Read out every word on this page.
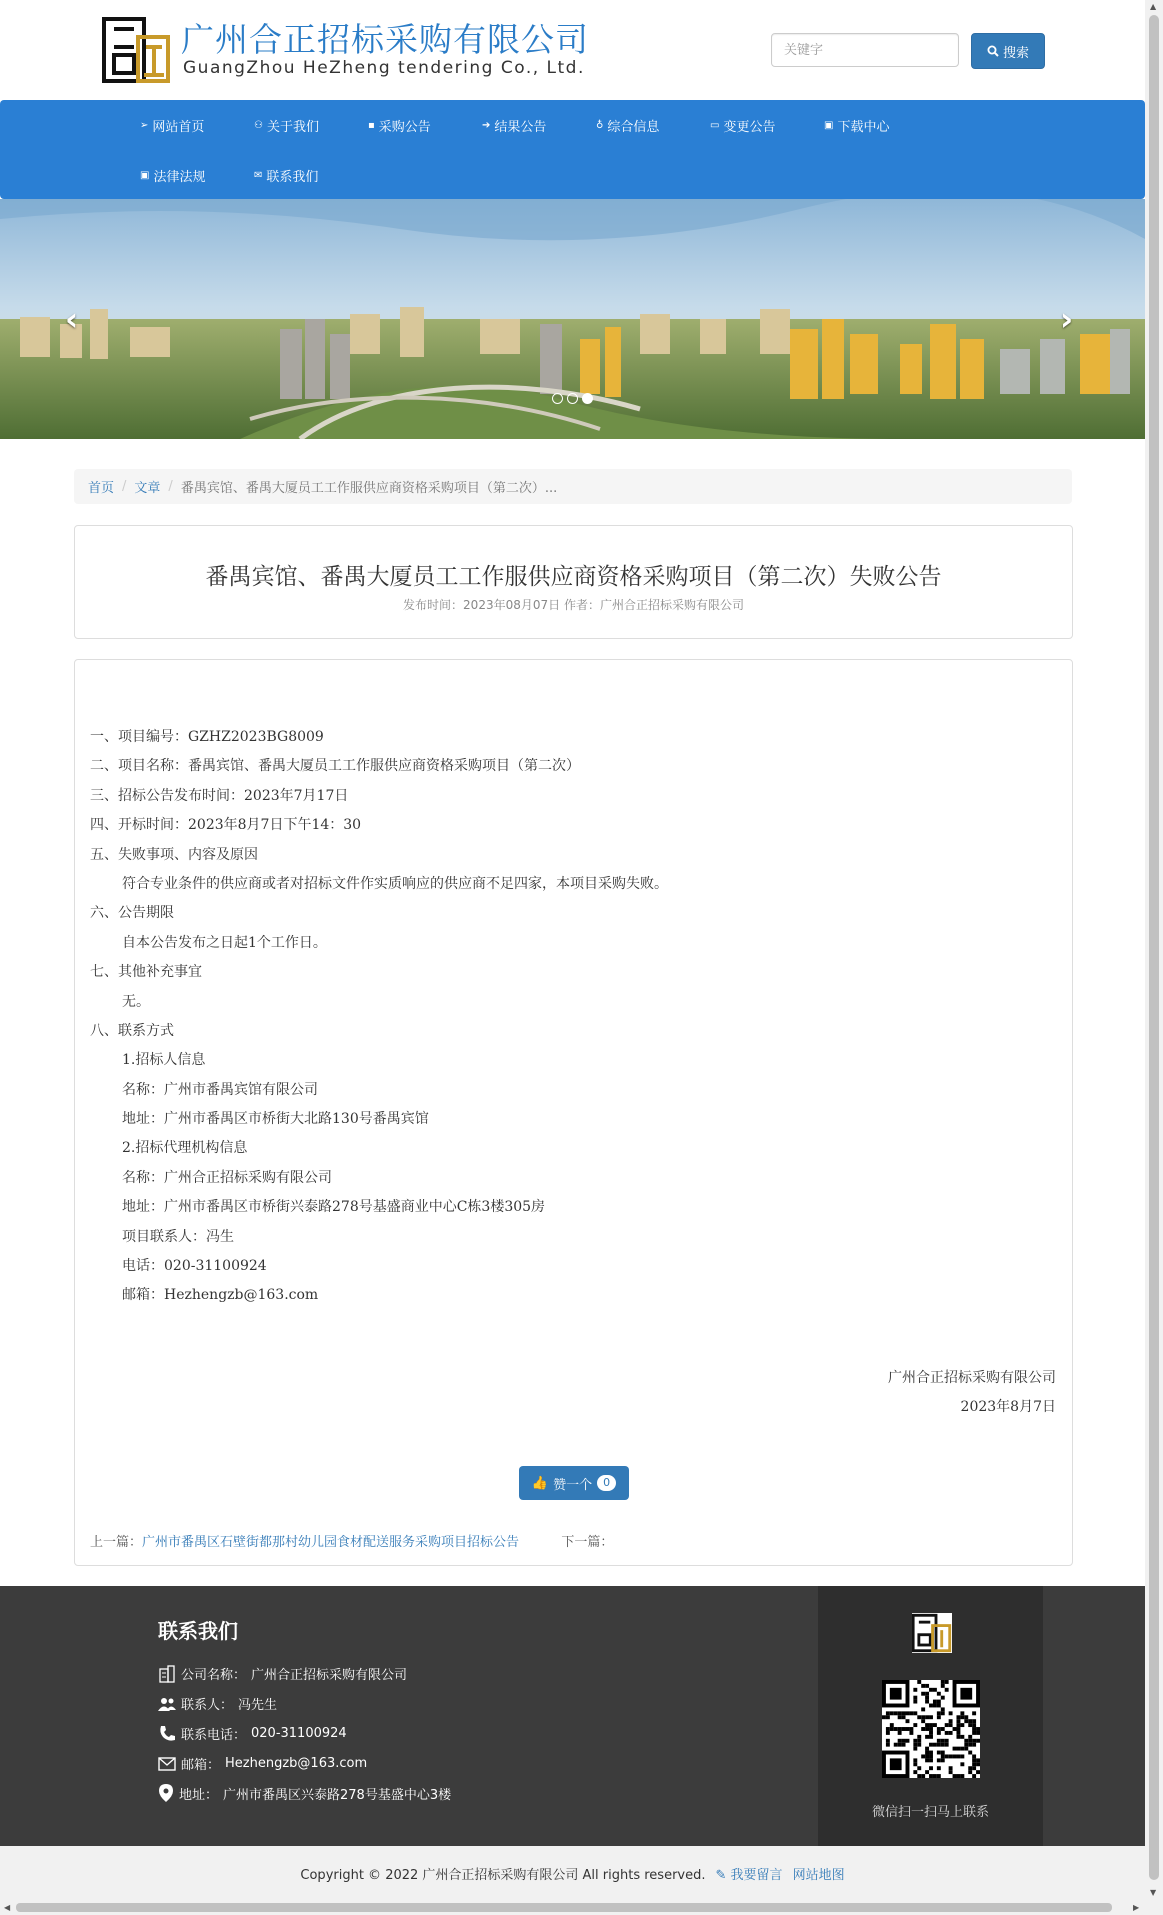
广州合正招标采购有限公司
GuangZhou HeZheng tendering Co., Ltd.
关键字
搜索
➢ 网站首页	⚇ 关于我们	▪ 采购公告	➔ 结果公告	♁ 综合信息	▭ 变更公告	▣ 下载中心
▣ 法律法规	✉ 联系我们
‹	›
首页 / 文章 / 番禺宾馆、番禺大厦员工工作服供应商资格采购项目（第二次）...
番禺宾馆、番禺大厦员工工作服供应商资格采购项目（第二次）失败公告
发布时间：2023年08月07日 作者：广州合正招标采购有限公司
一、项目编号：GZHZ2023BG8009
二、项目名称：番禺宾馆、番禺大厦员工工作服供应商资格采购项目（第二次）
三、招标公告发布时间：2023年7月17日
四、开标时间：2023年8月7日下午14：30
五、失败事项、内容及原因
符合专业条件的供应商或者对招标文件作实质响应的供应商不足四家，本项目采购失败。
六、公告期限
自本公告发布之日起1个工作日。
七、其他补充事宜
无。
八、联系方式
1.招标人信息
名称：广州市番禺宾馆有限公司
地址：广州市番禺区市桥街大北路130号番禺宾馆
2.招标代理机构信息
名称：广州合正招标采购有限公司
地址：广州市番禺区市桥街兴泰路278号基盛商业中心C栋3楼305房
项目联系人：冯生
电话：020-31100924
邮箱：Hezhengzb@163.com
广州合正招标采购有限公司
2023年8月7日
👍 赞一个	0
上一篇：广州市番禺区石壁街都那村幼儿园食材配送服务采购项目招标公告	下一篇：
联系我们
公司名称： 广州合正招标采购有限公司
联系人： 冯先生
联系电话： 020-31100924
邮箱： Hezhengzb@163.com
地址： 广州市番禺区兴泰路278号基盛中心3楼
微信扫一扫马上联系
Copyright © 2022 广州合正招标采购有限公司 All rights reserved. ✎ 我要留言 网站地图
▲
▼
◀	▶
